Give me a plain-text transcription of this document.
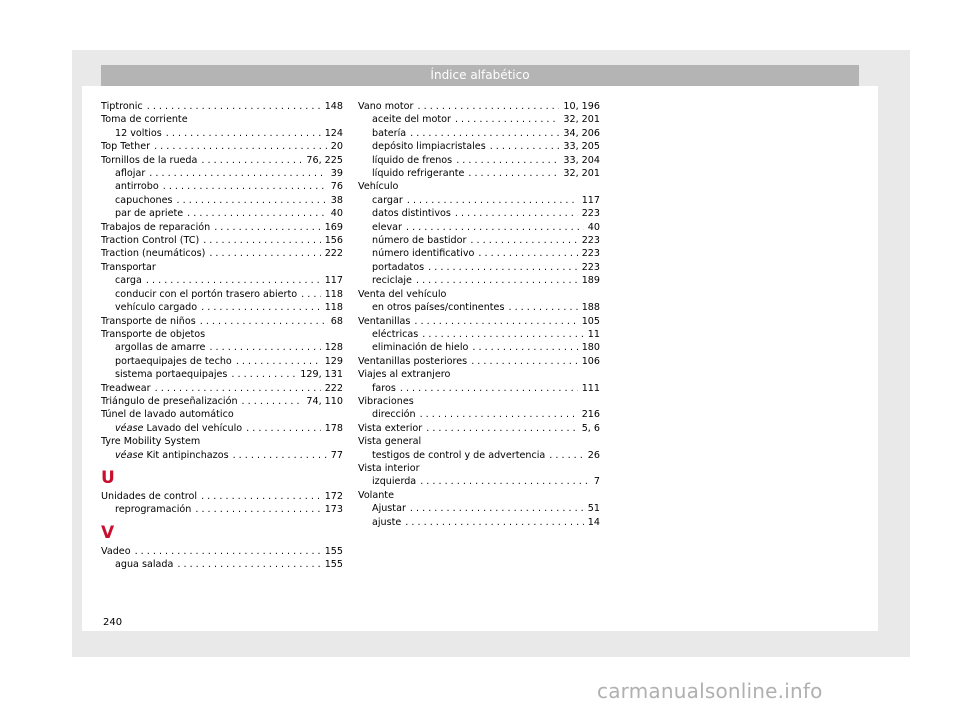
Índice alfabético
Tiptronic . . .	148
Toma de corriente
12 voltios . . .	124
Top Tether . . .	20
Tornillos de la rueda . . .	76, 225
aflojar . . .	39
antirrobo . . .	76
capuchones . . .	38
par de apriete . . .	40
Trabajos de reparación . . .	169
Traction Control (TC) . . .	156
Traction (neumáticos) . . .	222
Transportar
carga . . .	117
conducir con el portón trasero abierto . . .	118
vehículo cargado . . .	118
Transporte de niños . . .	68
Transporte de objetos
argollas de amarre . . .	128
portaequipajes de techo . . .	129
sistema portaequipajes . . .	129, 131
Treadwear . . .	222
Triángulo de preseñalización . . .	74, 110
Túnel de lavado automático
véase Lavado del vehículo . . .	178
Tyre Mobility System
véase Kit antipinchazos . . .	77
U
Unidades de control . . .	172
reprogramación . . .	173
V
Vadeo . . .	155
agua salada . . .	155
Vano motor . . .	10, 196
aceite del motor . . .	32, 201
batería . . .	34, 206
depósito limpiacristales . . .	33, 205
líquido de frenos . . .	33, 204
líquido refrigerante . . .	32, 201
Vehículo
cargar . . .	117
datos distintivos . . .	223
elevar . . .	40
número de bastidor . . .	223
número identificativo . . .	223
portadatos . . .	223
reciclaje . . .	189
Venta del vehículo
en otros países/continentes . . .	188
Ventanillas . . .	105
eléctricas . . .	11
eliminación de hielo . . .	180
Ventanillas posteriores . . .	106
Viajes al extranjero
faros . . .	111
Vibraciones
dirección . . .	216
Vista exterior . . .	5, 6
Vista general
testigos de control y de advertencia . . .	26
Vista interior
izquierda . . .	7
Volante
Ajustar . . .	51
ajuste . . .	14
240
carmanualsonline.info
